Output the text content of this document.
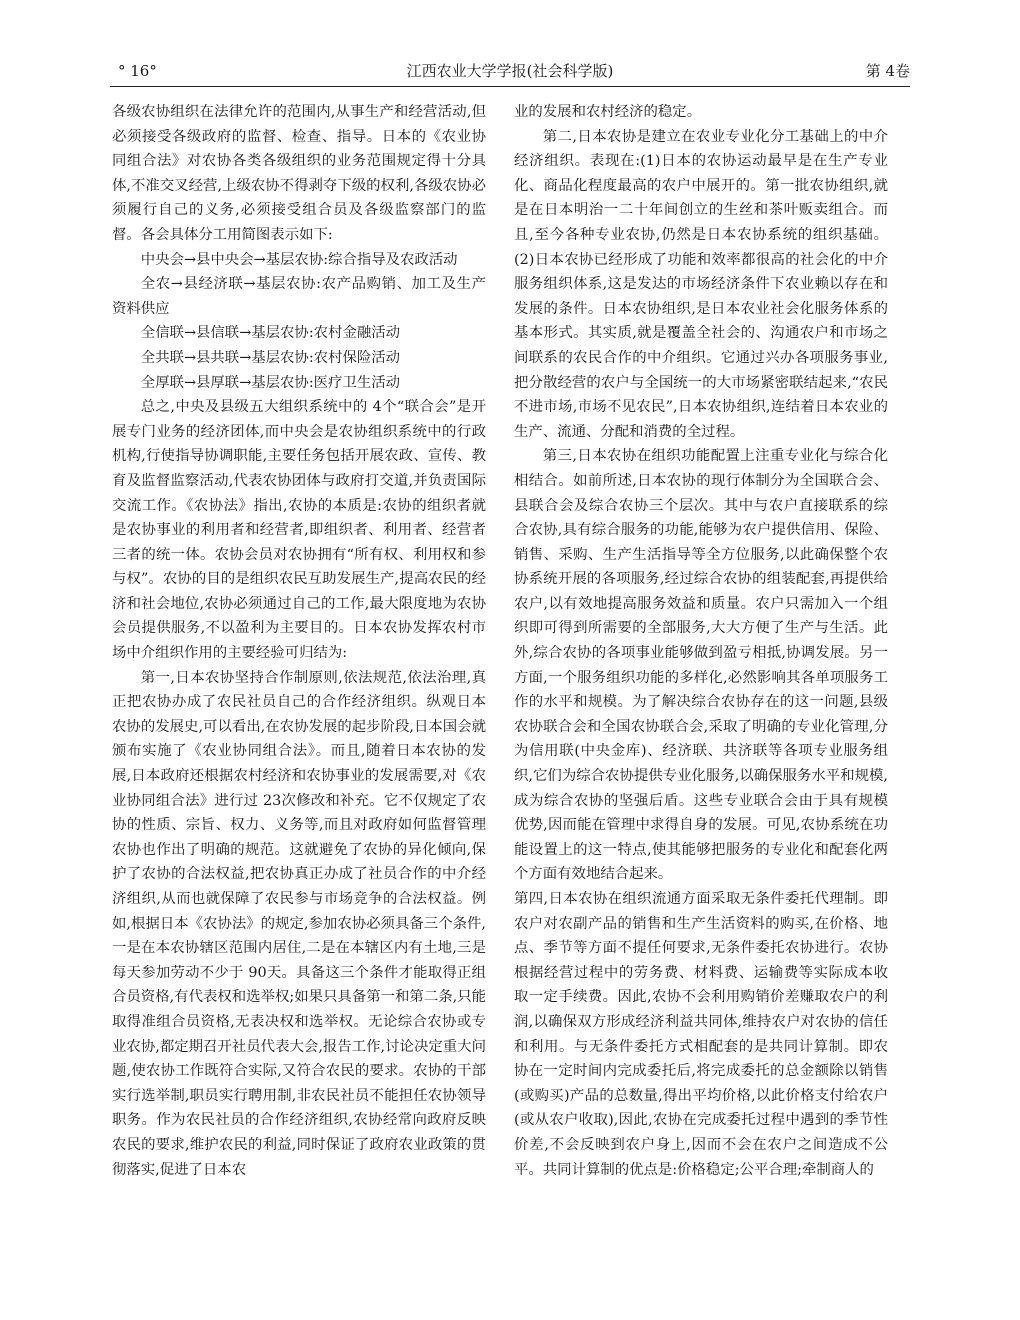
° 16°	江西农业大学学报(社会科学版)	第 4卷

各级农协组织在法律允许的范围内,从事生产和经营活动,但必须接受各级政府的监督、检查、指导。日本的《农业协同组合法》对农协各类各级组织的业务范围规定得十分具体,不准交叉经营,上级农协不得剥夺下级的权利,各级农协必须履行自己的义务,必须接受组合员及各级监察部门的监督。各会具体分工用简图表示如下:

中央会→县中央会→基层农协:综合指导及农政活动

全农→县经济联→基层农协:农产品购销、加工及生产资料供应

全信联→县信联→基层农协:农村金融活动

全共联→县共联→基层农协:农村保险活动

全厚联→县厚联→基层农协:医疗卫生活动

总之,中央及县级五大组织系统中的 4个“联合会”是开展专门业务的经济团体,而中央会是农协组织系统中的行政机构,行使指导协调职能,主要任务包括开展农政、宣传、教育及监督监察活动,代表农协团体与政府打交道,并负责国际交流工作。《农协法》指出,农协的本质是:农协的组织者就是农协事业的利用者和经营者,即组织者、利用者、经营者三者的统一体。农协会员对农协拥有“所有权、利用权和参与权”。农协的目的是组织农民互助发展生产,提高农民的经济和社会地位,农协必须通过自己的工作,最大限度地为农协会员提供服务,不以盈利为主要目的。日本农协发挥农村市场中介组织作用的主要经验可归结为:

第一,日本农协坚持合作制原则,依法规范,依法治理,真正把农协办成了农民社员自己的合作经济组织。纵观日本农协的发展史,可以看出,在农协发展的起步阶段,日本国会就颁布实施了《农业协同组合法》。而且,随着日本农协的发展,日本政府还根据农村经济和农协事业的发展需要,对《农业协同组合法》进行过 23次修改和补充。它不仅规定了农协的性质、宗旨、权力、义务等,而且对政府如何监督管理农协也作出了明确的规范。这就避免了农协的异化倾向,保护了农协的合法权益,把农协真正办成了社员合作的中介经济组织,从而也就保障了农民参与市场竞争的合法权益。例如,根据日本《农协法》的规定,参加农协必须具备三个条件,一是在本农协辖区范围内居住,二是在本辖区内有土地,三是每天参加劳动不少于 90天。具备这三个条件才能取得正组合员资格,有代表权和选举权;如果只具备第一和第二条,只能取得准组合员资格,无表决权和选举权。无论综合农协或专业农协,都定期召开社员代表大会,报告工作,讨论决定重大问题,使农协工作既符合实际,又符合农民的要求。农协的干部实行选举制,职员实行聘用制,非农民社员不能担任农协领导职务。作为农民社员的合作经济组织,农协经常向政府反映农民的要求,维护农民的利益,同时保证了政府农业政策的贯彻落实,促进了日本农

业的发展和农村经济的稳定。

第二,日本农协是建立在农业专业化分工基础上的中介经济组织。表现在:(1)日本的农协运动最早是在生产专业化、商品化程度最高的农户中展开的。第一批农协组织,就是在日本明治一二十年间创立的生丝和茶叶贩卖组合。而且,至今各种专业农协,仍然是日本农协系统的组织基础。(2)日本农协已经形成了功能和效率都很高的社会化的中介服务组织体系,这是发达的市场经济条件下农业赖以存在和发展的条件。日本农协组织,是日本农业社会化服务体系的基本形式。其实质,就是覆盖全社会的、沟通农户和市场之间联系的农民合作的中介组织。它通过兴办各项服务事业,把分散经营的农户与全国统一的大市场紧密联结起来,“农民不进市场,市场不见农民”,日本农协组织,连结着日本农业的生产、流通、分配和消费的全过程。

第三,日本农协在组织功能配置上注重专业化与综合化相结合。如前所述,日本农协的现行体制分为全国联合会、县联合会及综合农协三个层次。其中与农户直接联系的综合农协,具有综合服务的功能,能够为农户提供信用、保险、销售、采购、生产生活指导等全方位服务,以此确保整个农协系统开展的各项服务,经过综合农协的组装配套,再提供给农户,以有效地提高服务效益和质量。农户只需加入一个组织即可得到所需要的全部服务,大大方便了生产与生活。此外,综合农协的各项事业能够做到盈亏相抵,协调发展。另一方面,一个服务组织功能的多样化,必然影响其各单项服务工作的水平和规模。为了解决综合农协存在的这一问题,县级农协联合会和全国农协联合会,采取了明确的专业化管理,分为信用联(中央金库)、经济联、共济联等各项专业服务组织,它们为综合农协提供专业化服务,以确保服务水平和规模,成为综合农协的坚强后盾。这些专业联合会由于具有规模优势,因而能在管理中求得自身的发展。可见,农协系统在功能设置上的这一特点,使其能够把服务的专业化和配套化两个方面有效地结合起来。

第四,日本农协在组织流通方面采取无条件委托代理制。即农户对农副产品的销售和生产生活资料的购买,在价格、地点、季节等方面不提任何要求,无条件委托农协进行。农协根据经营过程中的劳务费、材料费、运输费等实际成本收取一定手续费。因此,农协不会利用购销价差赚取农户的利润,以确保双方形成经济利益共同体,维持农户对农协的信任和利用。与无条件委托方式相配套的是共同计算制。即农协在一定时间内完成委托后,将完成委托的总金额除以销售(或购买)产品的总数量,得出平均价格,以此价格支付给农户(或从农户收取),因此,农协在完成委托过程中遇到的季节性价差,不会反映到农户身上,因而不会在农户之间造成不公平。共同计算制的优点是:价格稳定;公平合理;牵制商人的
